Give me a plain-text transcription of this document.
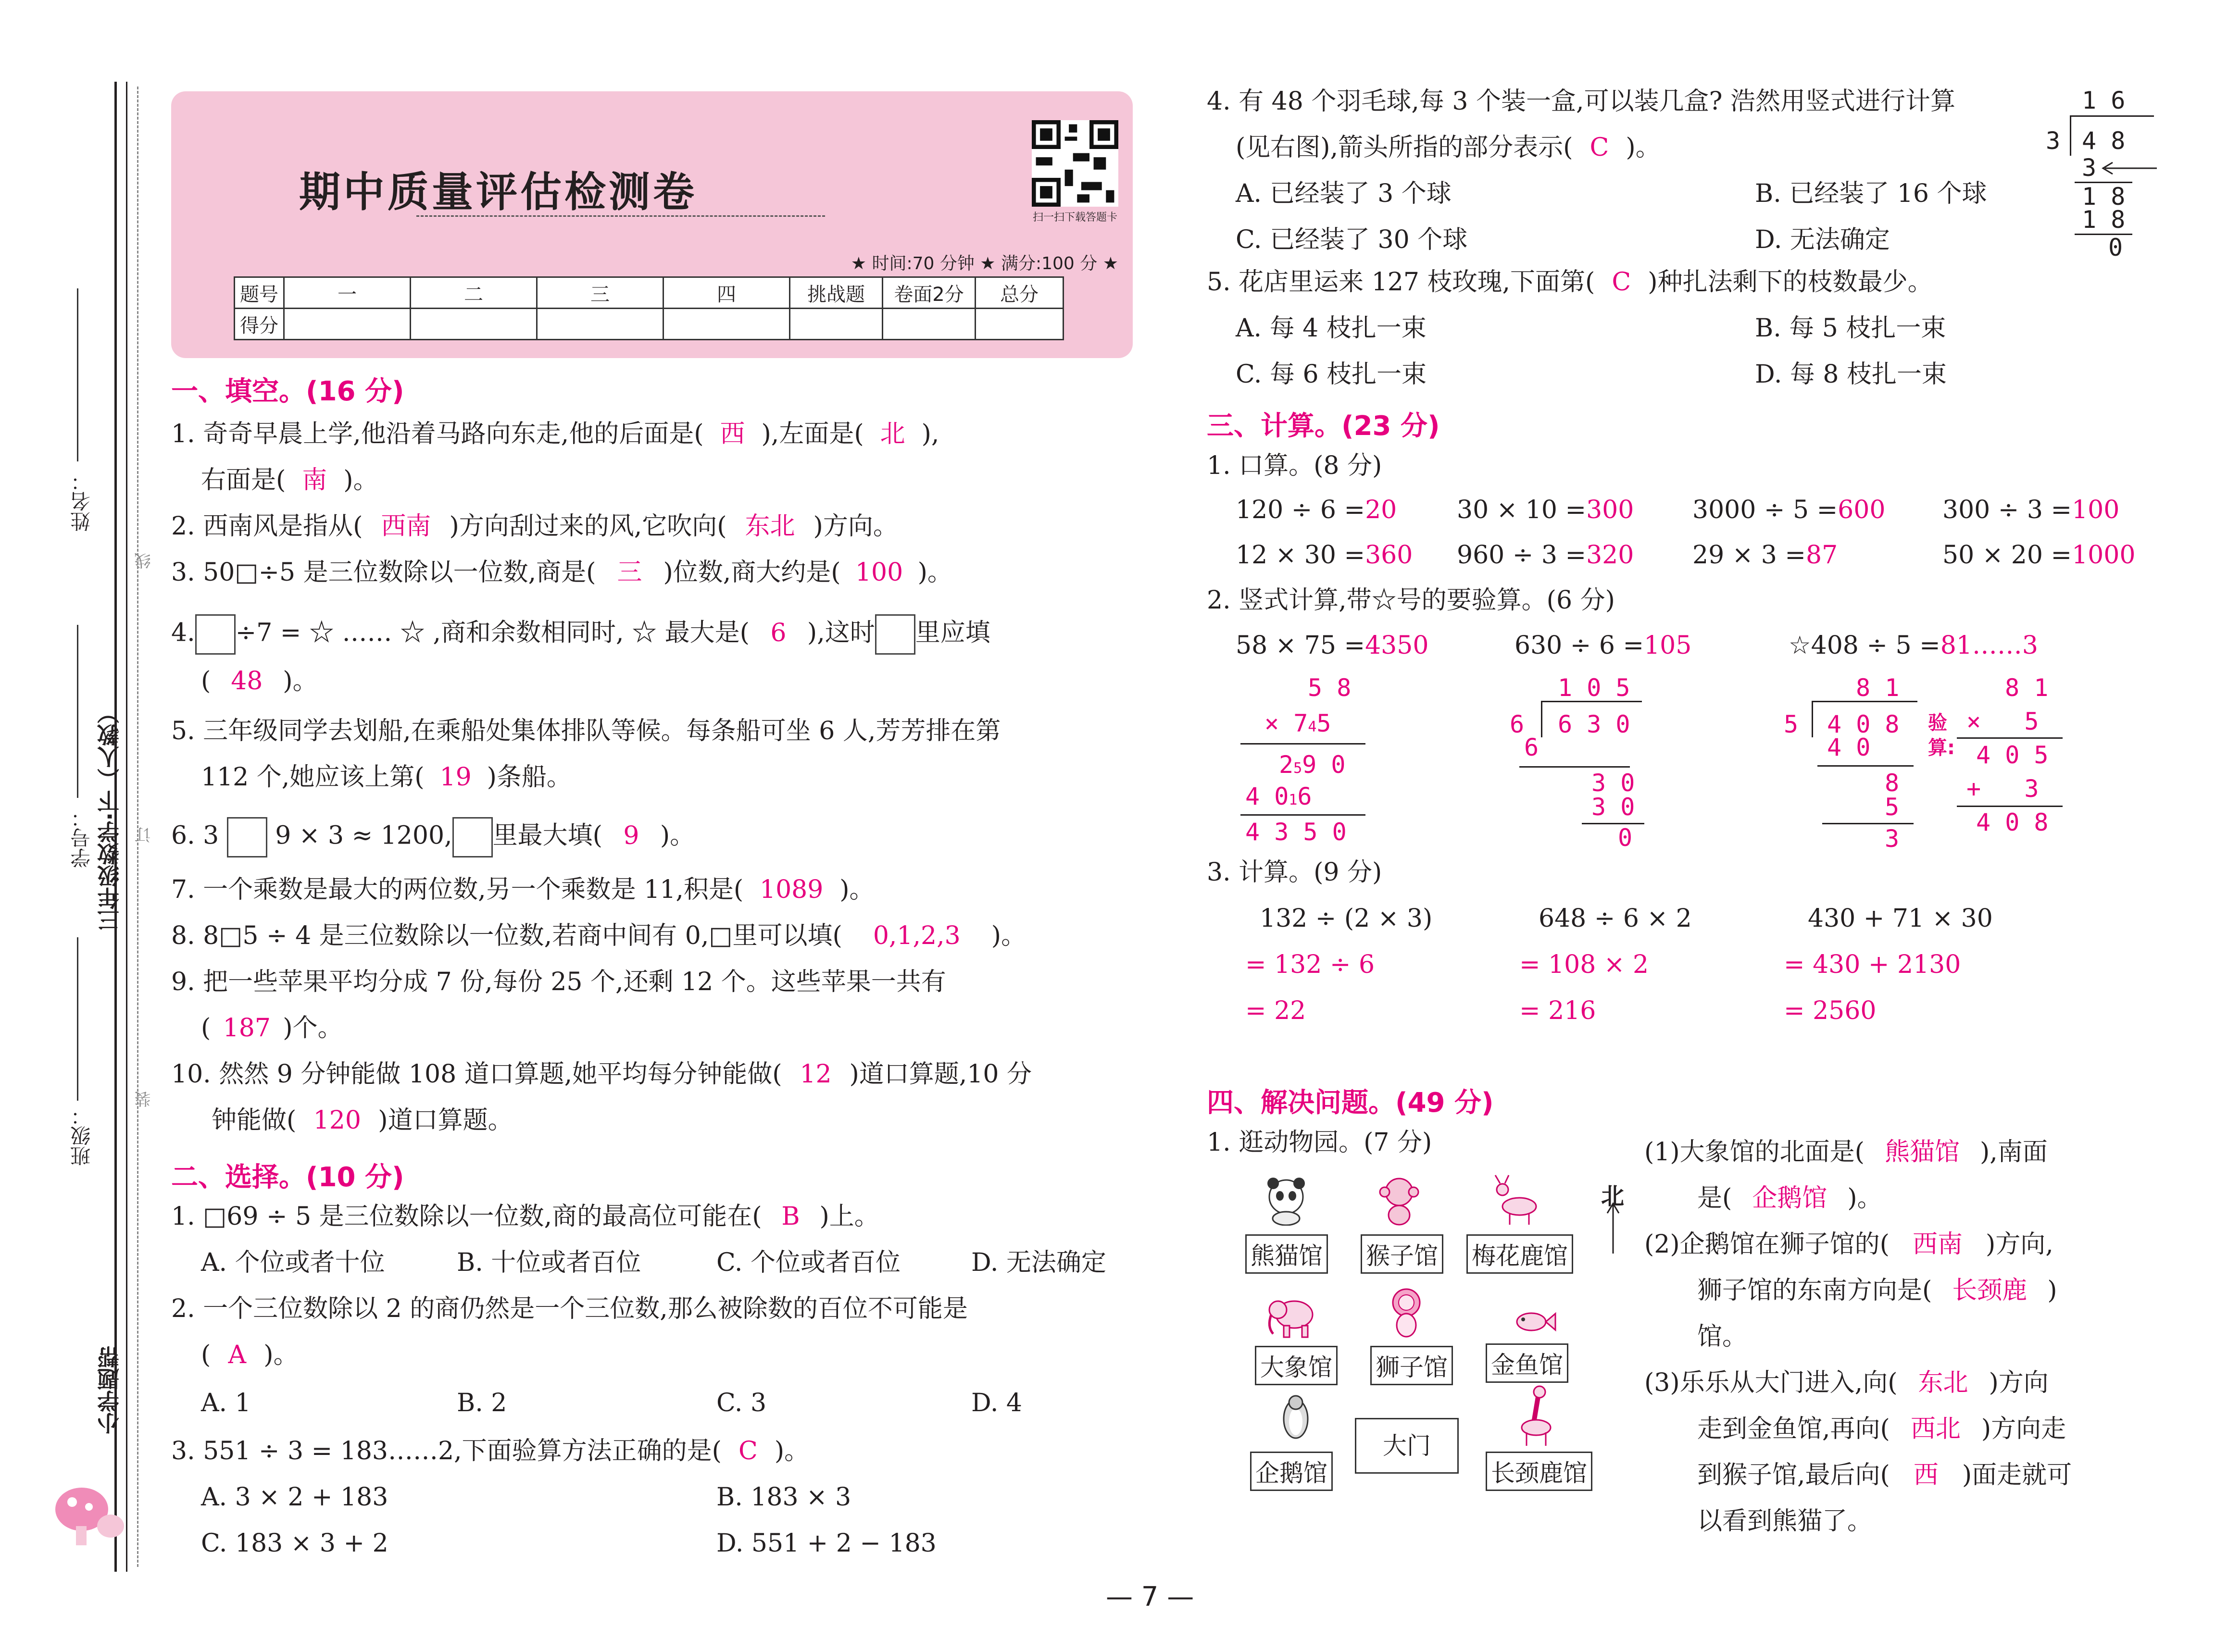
姓名：
学号：
班级：
三年级数学·下（人教）
线
订
装
小学题帮
期中质量评估检测卷
扫一扫下载答题卡
★ 时间:70 分钟 ★ 满分:100 分 ★
题号	一	二	三	四	挑战题	卷面2分	总分
得分							
一、填空。(16 分)
1. 奇奇早晨上学,他沿着马路向东走,他的后面是( 西 ),左面是( 北 ),
右面是( 南 )。
2. 西南风是指从( 西南 )方向刮过来的风,它吹向( 东北 )方向。
3. 50□÷5 是三位数除以一位数,商是( 三 )位数,商大约是( 100 )。
4. ÷7 = ☆ …… ☆ ,商和余数相同时, ☆ 最大是( 6 ),这时 里应填
( 48 )。
5. 三年级同学去划船,在乘船处集体排队等候。每条船可坐 6 人,芳芳排在第
112 个,她应该上第( 19 )条船。
6. 3 9 × 3 ≈ 1200, 里最大填( 9 )。
7. 一个乘数是最大的两位数,另一个乘数是 11,积是( 1089 )。
8. 8□5 ÷ 4 是三位数除以一位数,若商中间有 0,□里可以填( 0,1,2,3 )。
9. 把一些苹果平均分成 7 份,每份 25 个,还剩 12 个。这些苹果一共有
( 187 )个。
10. 然然 9 分钟能做 108 道口算题,她平均每分钟能做( 12 )道口算题,10 分
钟能做( 120 )道口算题。
二、选择。(10 分)
1. □69 ÷ 5 是三位数除以一位数,商的最高位可能在( B )上。
A. 个位或者十位	B. 十位或者百位	C. 个位或者百位	D. 无法确定
2. 一个三位数除以 2 的商仍然是一个三位数,那么被除数的百位不可能是
( A )。
A. 1	B. 2	C. 3	D. 4
3. 551 ÷ 3 = 183……2,下面验算方法正确的是( C )。
A. 3 × 2 + 183	B. 183 × 3
C. 183 × 3 + 2	D. 551 + 2 − 183
4. 有 48 个羽毛球,每 3 个装一盒,可以装几盒? 浩然用竖式进行计算
(见右图),箭头所指的部分表示( C )。
A. 已经装了 3 个球	B. 已经装了 16 个球
C. 已经装了 30 个球	D. 无法确定
1 6
3 4 8
3
1 8
1 8
0
5. 花店里运来 127 枝玫瑰,下面第( C )种扎法剩下的枝数最少。
A. 每 4 枝扎一束	B. 每 5 枝扎一束
C. 每 6 枝扎一束	D. 每 8 枝扎一束
三、计算。(23 分)
1. 口算。(8 分)
120 ÷ 6 =20 30 × 10 =300 3000 ÷ 5 =600 300 ÷ 3 =100
12 × 30 =360 960 ÷ 3 =320 29 × 3 =87	50 × 20 =1000
2. 竖式计算,带☆号的要验算。(6 分)
58 × 75 =4350	630 ÷ 6 =105	☆408 ÷ 5 =81……3
5 8
× 745
259 0
4 016
4 3 5 0
1 0 5
6 6 3 0
6
3 0
3 0
0
8 1
5 4 0 8
4 0
8
5
3
验算:
8 1
×   5
4 0 5
+   3
4 0 8
3. 计算。(9 分)
132 ÷ (2 × 3)
= 132 ÷ 6
= 22
648 ÷ 6 × 2
= 108 × 2
= 216
430 + 71 × 30
= 430 + 2130
= 2560
四、解决问题。(49 分)
1. 逛动物园。(7 分)
熊猫馆 猴子馆 梅花鹿馆
北
大象馆 狮子馆 金鱼馆
企鹅馆
大门
长颈鹿馆
(1)大象馆的北面是( 熊猫馆 ),南面
是( 企鹅馆 )。
(2)企鹅馆在狮子馆的( 西南 )方向,
狮子馆的东南方向是( 长颈鹿 )
馆。
(3)乐乐从大门进入,向( 东北 )方向
走到金鱼馆,再向( 西北 )方向走
到猴子馆,最后向( 西 )面走就可
以看到熊猫了。
— 7 —
